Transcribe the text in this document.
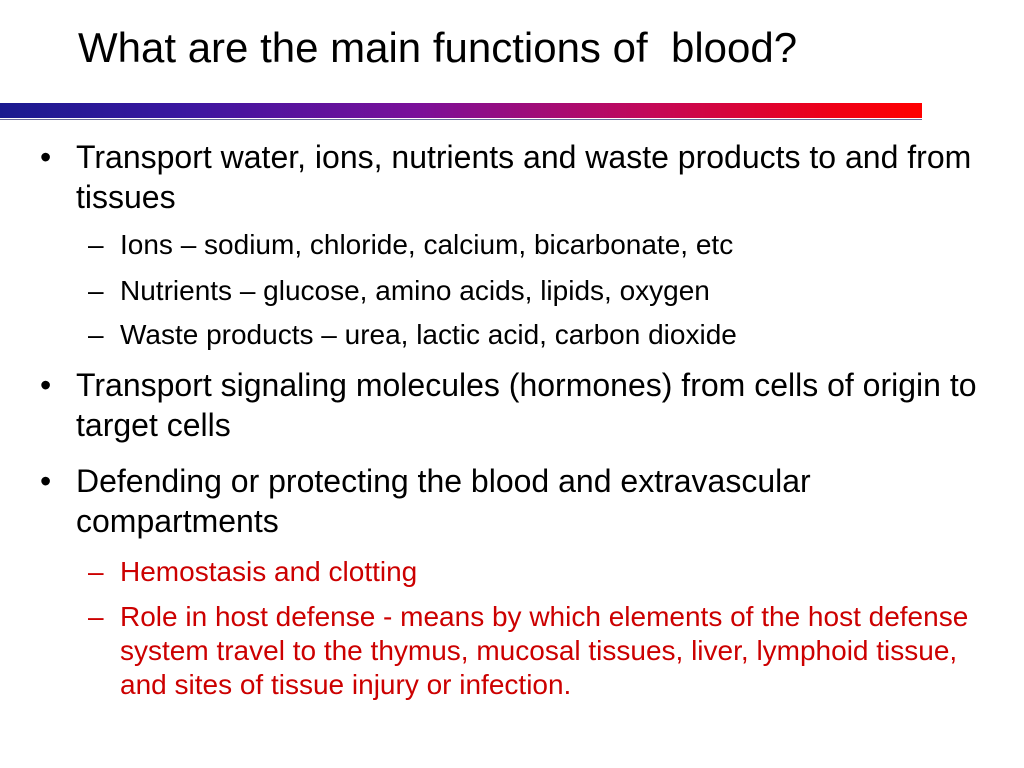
What are the main functions of  blood?
• Transport water, ions, nutrients and waste products to and from tissues
– Ions – sodium, chloride, calcium, bicarbonate, etc
– Nutrients – glucose, amino acids, lipids, oxygen
– Waste products – urea, lactic acid, carbon dioxide
• Transport signaling molecules (hormones) from cells of origin to target cells
• Defending or protecting the blood and extravascular compartments
– Hemostasis and clotting
– Role in host defense - means by which elements of the host defense system travel to the thymus, mucosal tissues, liver, lymphoid tissue, and sites of tissue injury or infection.
